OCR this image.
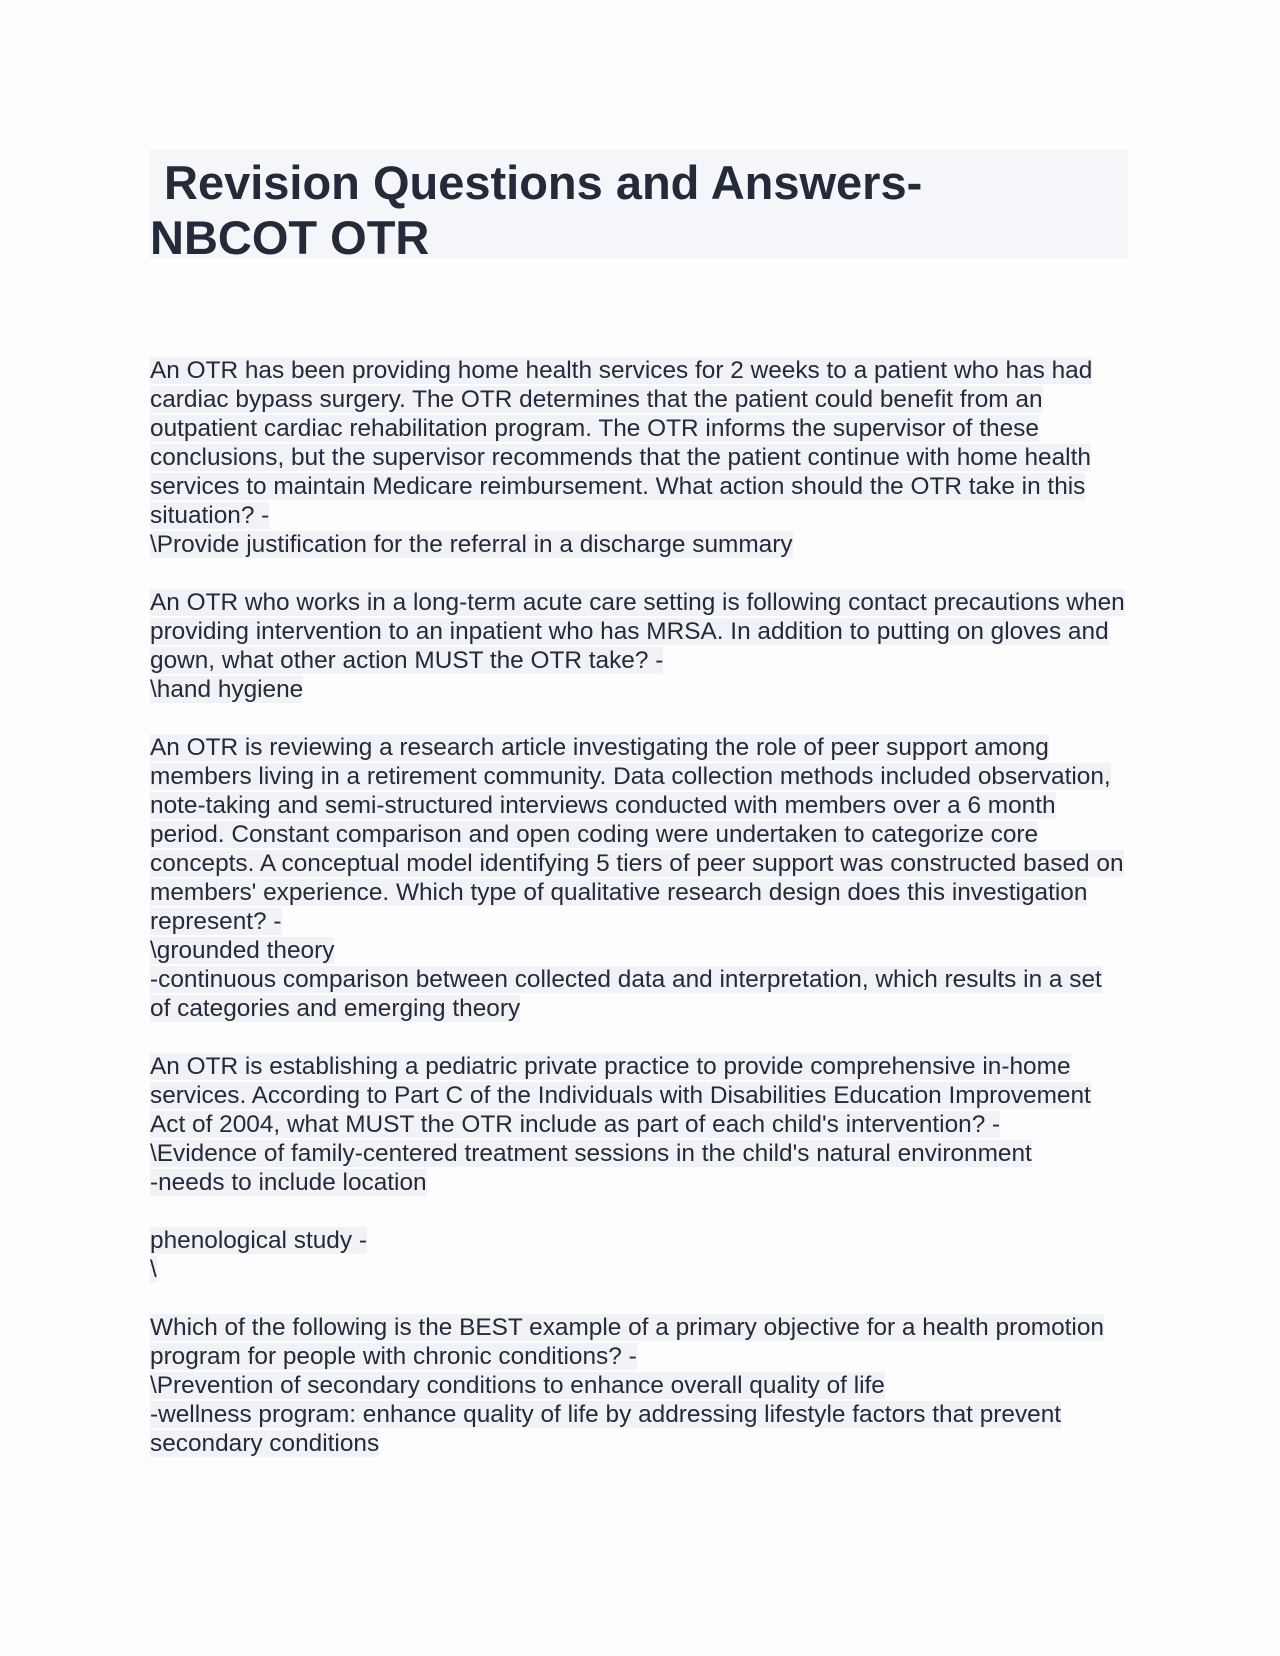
Revision Questions and Answers-
NBCOT OTR
An OTR has been providing home health services for 2 weeks to a patient who has had cardiac bypass surgery. The OTR determines that the patient could benefit from an outpatient cardiac rehabilitation program. The OTR informs the supervisor of these conclusions, but the supervisor recommends that the patient continue with home health services to maintain Medicare reimbursement. What action should the OTR take in this situation? -
\Provide justification for the referral in a discharge summary
An OTR who works in a long-term acute care setting is following contact precautions when providing intervention to an inpatient who has MRSA. In addition to putting on gloves and gown, what other action MUST the OTR take? -
\hand hygiene
An OTR is reviewing a research article investigating the role of peer support among members living in a retirement community. Data collection methods included observation, note-taking and semi-structured interviews conducted with members over a 6 month period. Constant comparison and open coding were undertaken to categorize core concepts. A conceptual model identifying 5 tiers of peer support was constructed based on members' experience. Which type of qualitative research design does this investigation represent? -
\grounded theory
-continuous comparison between collected data and interpretation, which results in a set of categories and emerging theory
An OTR is establishing a pediatric private practice to provide comprehensive in-home services. According to Part C of the Individuals with Disabilities Education Improvement Act of 2004, what MUST the OTR include as part of each child's intervention? -
\Evidence of family-centered treatment sessions in the child's natural environment
-needs to include location
phenological study -
\
Which of the following is the BEST example of a primary objective for a health promotion program for people with chronic conditions? -
\Prevention of secondary conditions to enhance overall quality of life
-wellness program: enhance quality of life by addressing lifestyle factors that prevent secondary conditions
